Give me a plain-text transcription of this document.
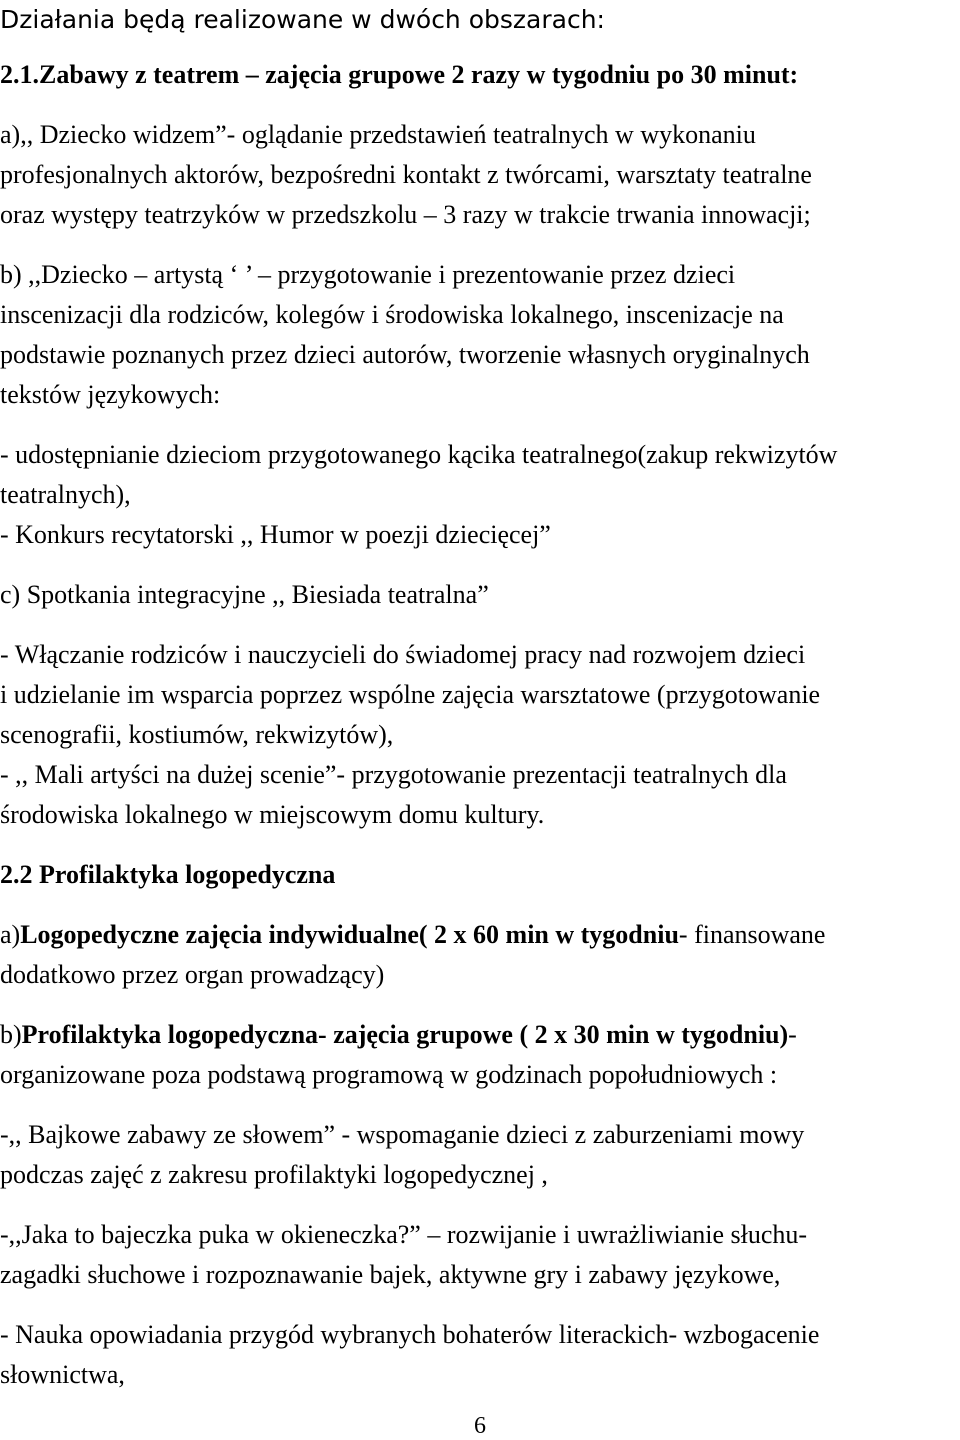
Działania będą realizowane w dwóch obszarach:

2.1.Zabawy z teatrem – zajęcia grupowe 2 razy w tygodniu po 30 minut:

a),, Dziecko widzem”- oglądanie przedstawień teatralnych w wykonaniu

profesjonalnych aktorów, bezpośredni kontakt z twórcami, warsztaty teatralne

oraz występy teatrzyków w przedszkolu – 3 razy w trakcie trwania innowacji;

b) ,,Dziecko – artystą ‘ ’ – przygotowanie i prezentowanie przez dzieci

inscenizacji dla rodziców, kolegów i środowiska lokalnego, inscenizacje na

podstawie poznanych przez dzieci autorów, tworzenie własnych oryginalnych

tekstów językowych:

- udostępnianie dzieciom przygotowanego kącika teatralnego(zakup rekwizytów

teatralnych),

- Konkurs recytatorski ,, Humor w poezji dziecięcej”

c) Spotkania integracyjne ,, Biesiada teatralna”

- Włączanie rodziców i nauczycieli do świadomej pracy nad rozwojem dzieci

i udzielanie im wsparcia poprzez wspólne zajęcia warsztatowe (przygotowanie

scenografii, kostiumów, rekwizytów),

- ,, Mali artyści na dużej scenie”- przygotowanie prezentacji teatralnych dla

środowiska lokalnego w miejscowym domu kultury.

2.2 Profilaktyka logopedyczna

a)Logopedyczne zajęcia indywidualne( 2 x 60 min w tygodniu- finansowane

dodatkowo przez organ prowadzący)

b)Profilaktyka logopedyczna- zajęcia grupowe ( 2 x 30 min w tygodniu)-

organizowane poza podstawą programową w godzinach popołudniowych :

-,, Bajkowe zabawy ze słowem” - wspomaganie dzieci z zaburzeniami mowy

podczas zajęć z zakresu profilaktyki logopedycznej ,

-,,Jaka to bajeczka puka w okieneczka?” – rozwijanie i uwrażliwianie słuchu-

zagadki słuchowe i rozpoznawanie bajek, aktywne gry i zabawy językowe,

- Nauka opowiadania przygód wybranych bohaterów literackich- wzbogacenie

słownictwa,

6
